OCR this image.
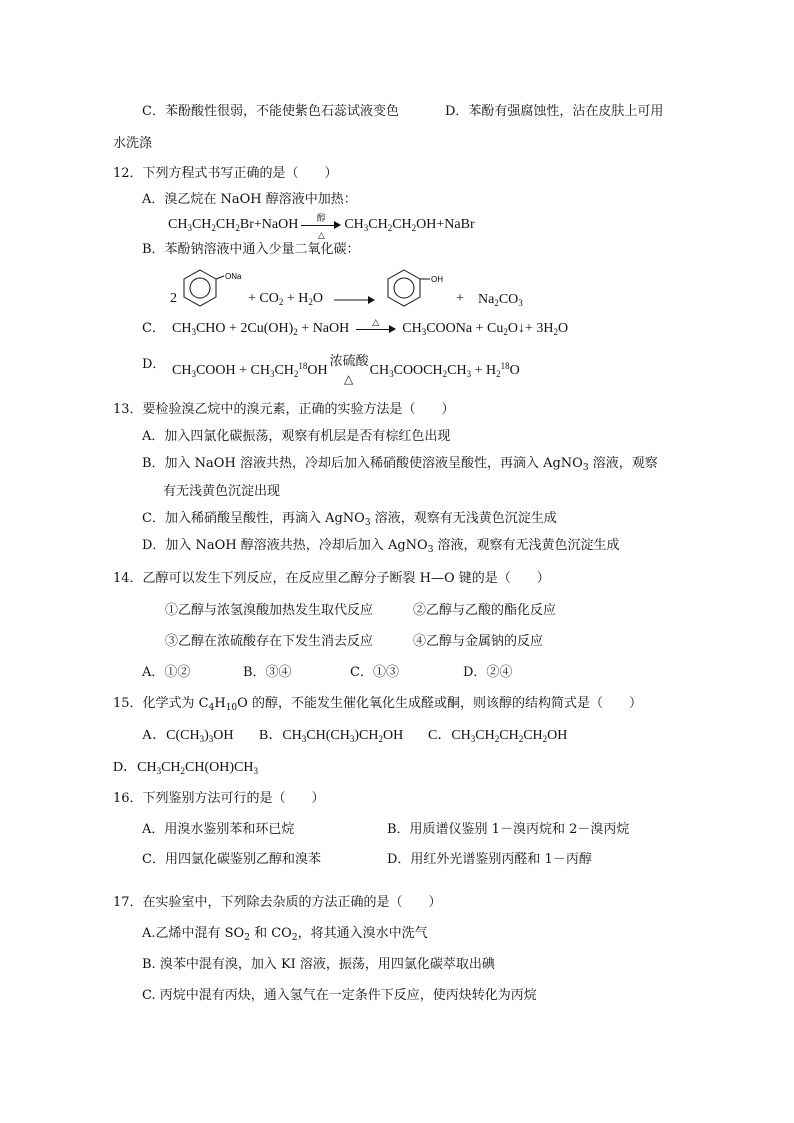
C．苯酚酸性很弱，不能使紫色石蕊试液变色	D．苯酚有强腐蚀性，沾在皮肤上可用
水洗涤
12．下列方程式书写正确的是（　　）
A．溴乙烷在 NaOH 醇溶液中加热：
$CH_3CH_2CH_2Br+NaOH$	醇
△
$CH_3CH_2CH_2OH+NaBr$
B．苯酚钠溶液中通入少量二氧化碳：
2
ONa
+ $CO_2 + H_2O$ →
OH
+ $Na_2CO_3$
C． $CH_3CHO + 2Cu(OH)_2$ + NaOH	△	$CH_3COONa$ + $Cu_2O↓+ 3H_2O$
D． $CH_3COOH + CH_3CH_2^{18}OH$
浓硫酸
△
$CH_3COOCH_2CH_3 + H_2^{18}O$
13．要检验溴乙烷中的溴元素，正确的实验方法是（　　）
A．加入四氯化碳振荡，观察有机层是否有棕红色出现
B．加入 NaOH 溶液共热，冷却后加入稀硝酸使溶液呈酸性，再滴入 AgNO$_3$ 溶液，观察
有无浅黄色沉淀出现
C．加入稀硝酸呈酸性，再滴入 AgNO$_3$ 溶液，观察有无浅黄色沉淀生成
D．加入 NaOH 醇溶液共热，冷却后加入 AgNO$_3$ 溶液，观察有无浅黄色沉淀生成
14．乙醇可以发生下列反应，在反应里乙醇分子断裂 H—O 键的是（　　）
①乙醇与浓氢溴酸加热发生取代反应	②乙醇与乙酸的酯化反应
③乙醇在浓硫酸存在下发生消去反应	④乙醇与金属钠的反应
A．①②	B．③④	C．①③	D．②④
15．化学式为 $C_4H_{10}O$ 的醇，不能发生催化氧化生成醛或酮，则该醇的结构简式是（　　）
A．$C(CH_3)_3OH$ B．$CH_3CH(CH_3)CH_2OH$ C．$CH_3CH_2CH_2CH_2OH$
D．$CH_3CH_2CH(OH)CH_3$
16．下列鉴别方法可行的是（　　）
A．用溴水鉴别苯和环已烷	B．用质谱仪鉴别 1－溴丙烷和 2－溴丙烷
C．用四氯化碳鉴别乙醇和溴苯	D．用红外光谱鉴别丙醛和 1－丙醇
17．在实验室中，下列除去杂质的方法正确的是（　　）
A.乙烯中混有 $SO_2$ 和 $CO_2$，将其通入溴水中洗气
B. 溴苯中混有溴，加入 KI 溶液，振荡，用四氯化碳萃取出碘
C. 丙烷中混有丙炔，通入氢气在一定条件下反应，使丙炔转化为丙烷
